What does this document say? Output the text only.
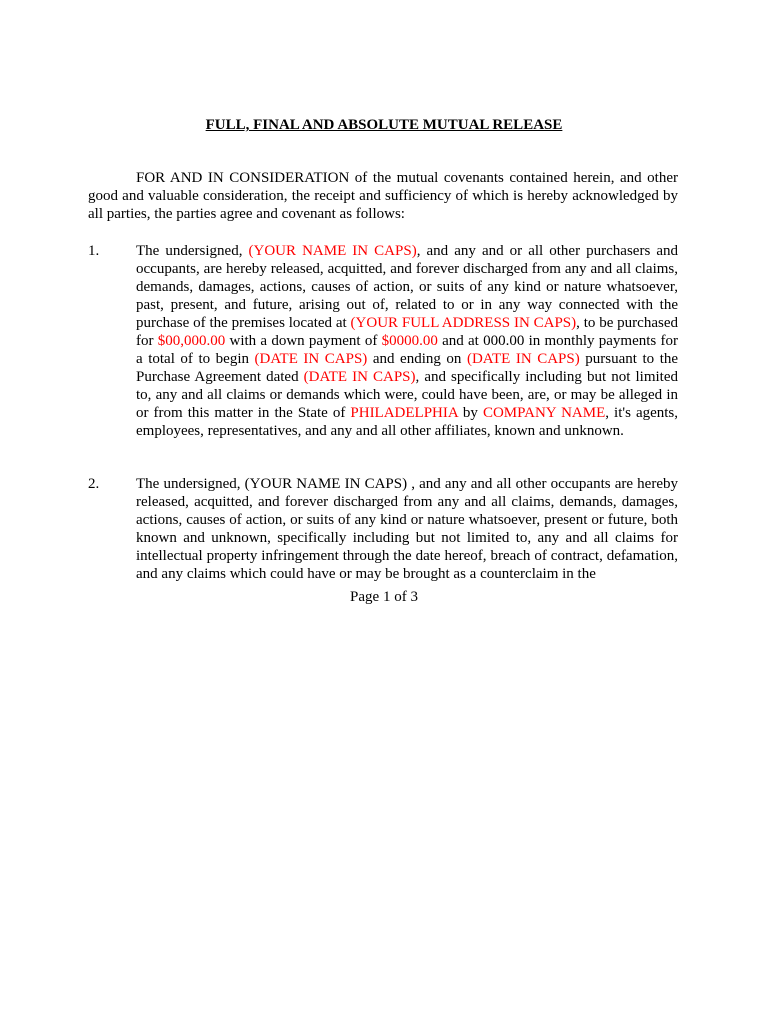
FULL, FINAL AND ABSOLUTE MUTUAL RELEASE

FOR AND IN CONSIDERATION of the mutual covenants contained herein, and other good and valuable consideration, the receipt and sufficiency of which is hereby acknowledged by all parties, the parties agree and covenant as follows:

1.	The undersigned, (YOUR NAME IN CAPS), and any and or all other purchasers and occupants, are hereby released, acquitted, and forever discharged from any and all claims, demands, damages, actions, causes of action, or suits of any kind or nature whatsoever, past, present, and future, arising out of, related to or in any way connected with the purchase of the premises located at (YOUR FULL ADDRESS IN CAPS), to be purchased for $00,000.00 with a down payment of $0000.00 and at 000.00 in monthly payments for a total of to begin (DATE IN CAPS) and ending on (DATE IN CAPS) pursuant to the Purchase Agreement dated (DATE IN CAPS), and specifically including but not limited to, any and all claims or demands which were, could have been, are, or may be alleged in or from this matter in the State of PHILADELPHIA by COMPANY NAME, it's agents, employees, representatives, and any and all other affiliates, known and unknown.
2.	The undersigned, (YOUR NAME IN CAPS) , and any and all other occupants are hereby released, acquitted, and forever discharged from any and all claims, demands, damages, actions, causes of action, or suits of any kind or nature whatsoever, present or future, both known and unknown, specifically including but not limited to, any and all claims for intellectual property infringement through the date hereof, breach of contract, defamation, and any claims which could have or may be brought as a counterclaim in the
Page 1 of 3
